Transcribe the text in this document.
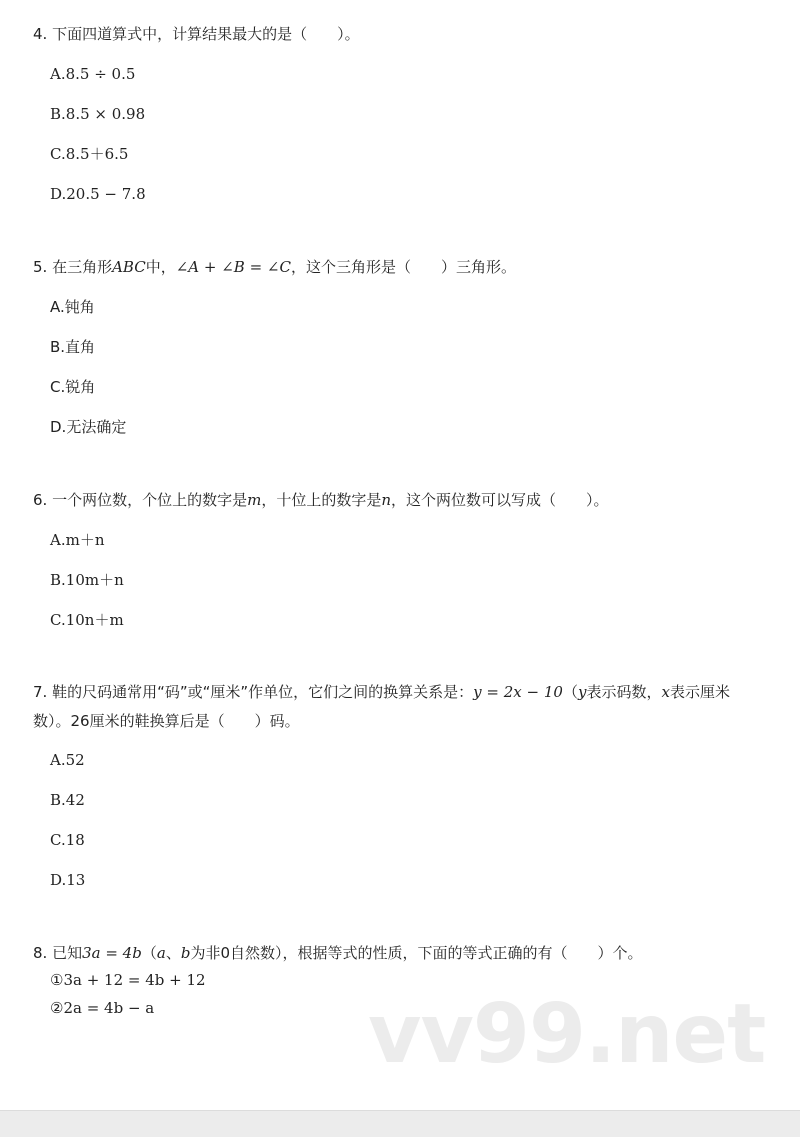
4. 下面四道算式中，计算结果最大的是（　　）。
A.8.5 ÷ 0.5
B.8.5 × 0.98
C.8.5＋6.5
D.20.5 − 7.8
5. 在三角形ABC中，∠A + ∠B = ∠C，这个三角形是（　　）三角形。
A.钝角
B.直角
C.锐角
D.无法确定
6. 一个两位数，个位上的数字是m，十位上的数字是n，这个两位数可以写成（　　）。
A.m＋n
B.10m＋n
C.10n＋m
7. 鞋的尺码通常用“码”或“厘米”作单位，它们之间的换算关系是：y = 2x − 10（y表示码数，x表示厘米数）。26厘米的鞋换算后是（　　）码。
A.52
B.42
C.18
D.13
8. 已知3a = 4b（a、b为非0自然数），根据等式的性质，下面的等式正确的有（　　）个。
①3a + 12 = 4b + 12
②2a = 4b − a	vv99.net
